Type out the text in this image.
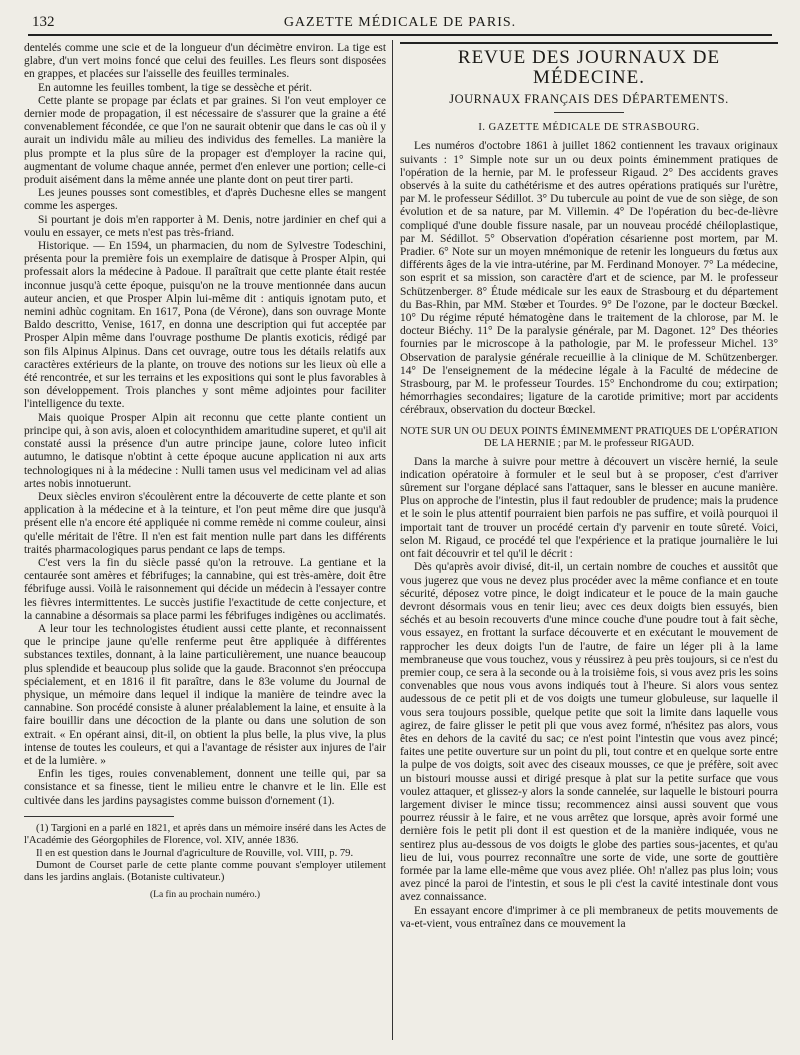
132	GAZETTE MÉDICALE DE PARIS.

dentelés comme une scie et de la longueur d'un décimètre environ. La tige est glabre, d'un vert moins foncé que celui des feuilles. Les fleurs sont disposées en grappes, et placées sur l'aisselle des feuilles terminales.

En automne les feuilles tombent, la tige se dessèche et périt.

Cette plante se propage par éclats et par graines. Si l'on veut employer ce dernier mode de propagation, il est nécessaire de s'assurer que la graine a été convenablement fécondée, ce que l'on ne saurait obtenir que dans le cas où il y aurait un individu mâle au milieu des individus des femelles. La manière la plus prompte et la plus sûre de la propager est d'employer la racine qui, augmentant de volume chaque année, permet d'en enlever une portion; celle-ci produit aisément dans la même année une plante dont on peut tirer parti.

Les jeunes pousses sont comestibles, et d'après Duchesne elles se mangent comme les asperges.

Si pourtant je dois m'en rapporter à M. Denis, notre jardinier en chef qui a voulu en essayer, ce mets n'est pas très-friand.

Historique. — En 1594, un pharmacien, du nom de Sylvestre Todeschini, présenta pour la première fois un exemplaire de datisque à Prosper Alpin, qui professait alors la médecine à Padoue. Il paraîtrait que cette plante était restée inconnue jusqu'à cette époque, puisqu'on ne la trouve mentionnée dans aucun auteur ancien, et que Prosper Alpin lui-même dit : antiquis ignotam puto, et nemini adhùc cognitam. En 1617, Pona (de Vérone), dans son ouvrage Monte Baldo descritto, Venise, 1617, en donna une description qui fut acceptée par Prosper Alpin même dans l'ouvrage posthume De plantis exoticis, rédigé par son fils Alpinus Alpinus. Dans cet ouvrage, outre tous les détails relatifs aux caractères extérieurs de la plante, on trouve des notions sur les lieux où elle a été rencontrée, et sur les terrains et les expositions qui sont le plus favorables à son développement. Trois planches y sont même adjointes pour faciliter l'intelligence du texte.

Mais quoique Prosper Alpin ait reconnu que cette plante contient un principe qui, à son avis, aloen et colocynthidem amaritudine superet, et qu'il ait constaté aussi la présence d'un autre principe jaune, colore luteo inficit autumno, le datisque n'obtint à cette époque aucune application ni aux arts technologiques ni à la médecine : Nulli tamen usus vel medicinam vel ad alias artes nobis innotuerunt.

Deux siècles environ s'écoulèrent entre la découverte de cette plante et son application à la médecine et à la teinture, et l'on peut même dire que jusqu'à présent elle n'a encore été appliquée ni comme remède ni comme couleur, ainsi qu'elle méritait de l'être. Il n'en est fait mention nulle part dans les différents traités pharmacologiques parus pendant ce laps de temps.

C'est vers la fin du siècle passé qu'on la retrouve. La gentiane et la centaurée sont amères et fébrifuges; la cannabine, qui est très-amère, doit être fébrifuge aussi. Voilà le raisonnement qui décide un médecin à l'essayer contre les fièvres intermittentes. Le succès justifie l'exactitude de cette conjecture, et la cannabine a désormais sa place parmi les fébrifuges indigènes ou acclimatés.

A leur tour les technologistes étudient aussi cette plante, et reconnaissent que le principe jaune qu'elle renferme peut être appliquée à différentes substances textiles, donnant, à la laine particulièrement, une nuance beaucoup plus splendide et beaucoup plus solide que la gaude. Braconnot s'en préoccupa spécialement, et en 1816 il fit paraître, dans le 83e volume du Journal de physique, un mémoire dans lequel il indique la manière de teindre avec la cannabine. Son procédé consiste à aluner préalablement la laine, et ensuite à la faire bouillir dans une décoction de la plante ou dans une solution de son extrait. « En opérant ainsi, dit-il, on obtient la plus belle, la plus vive, la plus intense de toutes les couleurs, et qui a l'avantage de résister aux injures de l'air et de la lumière. »

Enfin les tiges, rouies convenablement, donnent une teille qui, par sa consistance et sa finesse, tient le milieu entre le chanvre et le lin. Elle est cultivée dans les jardins paysagistes comme buisson d'ornement (1).

(1) Targioni en a parlé en 1821, et après dans un mémoire inséré dans les Actes de l'Académie des Géorgophiles de Florence, vol. XIV, année 1836.

Il en est question dans le Journal d'agriculture de Rouville, vol. VIII, p. 79.

Dumont de Courset parle de cette plante comme pouvant s'employer utilement dans les jardins anglais. (Botaniste cultivateur.)

(La fin au prochain numéro.)
REVUE DES JOURNAUX DE MÉDECINE.
JOURNAUX FRANÇAIS DES DÉPARTEMENTS.
I. GAZETTE MÉDICALE DE STRASBOURG.

Les numéros d'octobre 1861 à juillet 1862 contiennent les travaux originaux suivants : 1° Simple note sur un ou deux points éminemment pratiques de l'opération de la hernie, par M. le professeur Rigaud. 2° Des accidents graves observés à la suite du cathétérisme et des autres opérations pratiqués sur l'urètre, par M. le professeur Sédillot. 3° Du tubercule au point de vue de son siège, de son évolution et de sa nature, par M. Villemin. 4° De l'opération du bec-de-lièvre compliqué d'une double fissure nasale, par un nouveau procédé chéiloplastique, par M. Sédillot. 5° Observation d'opération césarienne post mortem, par M. Pradier. 6° Note sur un moyen mnémonique de retenir les longueurs du fœtus aux différents âges de la vie intra-utérine, par M. Ferdinand Monoyer. 7° La médecine, son esprit et sa mission, son caractère d'art et de science, par M. le professeur Schützenberger. 8° Étude médicale sur les eaux de Strasbourg et du département du Bas-Rhin, par MM. Stœber et Tourdes. 9° De l'ozone, par le docteur Bœckel. 10° Du régime réputé hématogène dans le traitement de la chlorose, par M. le docteur Biéchy. 11° De la paralysie générale, par M. Dagonet. 12° Des théories fournies par le microscope à la pathologie, par M. le professeur Michel. 13° Observation de paralysie générale recueillie à la clinique de M. Schützenberger. 14° De l'enseignement de la médecine légale à la Faculté de médecine de Strasbourg, par M. le professeur Tourdes. 15° Enchondrome du cou; extirpation; hémorrhagies secondaires; ligature de la carotide primitive; mort par accidents cérébraux, observation du docteur Bœckel.

NOTE SUR UN OU DEUX POINTS ÉMINEMMENT PRATIQUES DE L'OPÉRATION DE LA HERNIE ; par M. le professeur RIGAUD.

Dans la marche à suivre pour mettre à découvert un viscère hernié, la seule indication opératoire à formuler et le seul but à se proposer, c'est d'arriver sûrement sur l'organe déplacé sans l'attaquer, sans le blesser en aucune manière. Plus on approche de l'intestin, plus il faut redoubler de prudence; mais la prudence et le soin le plus attentif pourraient bien parfois ne pas suffire, et voilà pourquoi il importait tant de trouver un procédé certain d'y parvenir en toute sûreté. Voici, selon M. Rigaud, ce procédé tel que l'expérience et la pratique journalière le lui ont fait découvrir et tel qu'il le décrit :

Dès qu'après avoir divisé, dit-il, un certain nombre de couches et aussitôt que vous jugerez que vous ne devez plus procéder avec la même confiance et en toute sécurité, déposez votre pince, le doigt indicateur et le pouce de la main gauche devront désormais vous en tenir lieu; avec ces deux doigts bien essuyés, bien séchés et au besoin recouverts d'une mince couche d'une poudre tout à fait sèche, vous essayez, en frottant la surface découverte et en exécutant le mouvement de rapprocher les deux doigts l'un de l'autre, de faire un léger pli à la lame membraneuse que vous touchez, vous y réussirez à peu près toujours, si ce n'est du premier coup, ce sera à la seconde ou à la troisième fois, si vous avez pris les soins convenables que nous vous avons indiqués tout à l'heure. Si alors vous sentez audessous de ce petit pli et de vos doigts une tumeur globuleuse, sur laquelle il vous sera toujours possible, quelque petite que soit la limite dans laquelle vous agirez, de faire glisser le petit pli que vous avez formé, n'hésitez pas alors, vous êtes en dehors de la cavité du sac; ce n'est point l'intestin que vous avez pincé; faites une petite ouverture sur un point du pli, tout contre et en quelque sorte entre la pulpe de vos doigts, soit avec des ciseaux mousses, ce que je préfère, soit avec un bistouri mousse aussi et dirigé presque à plat sur la petite surface que vous voulez attaquer, et glissez-y alors la sonde cannelée, sur laquelle le bistouri pourra largement diviser le mince tissu; recommencez ainsi aussi souvent que vous pourrez réussir à le faire, et ne vous arrêtez que lorsque, après avoir formé une dernière fois le petit pli dont il est question et de la manière indiquée, vous ne sentirez plus au-dessous de vos doigts le globe des parties sous-jacentes, et qu'au lieu de lui, vous pourrez reconnaître une sorte de vide, une sorte de gouttière formée par la lame elle-même que vous avez pliée. Oh! n'allez pas plus loin; vous avez pincé la paroi de l'intestin, et sous le pli c'est la cavité intestinale dont vous avez connaissance.

En essayant encore d'imprimer à ce pli membraneux de petits mouvements de va-et-vient, vous entraînez dans ce mouvement la
